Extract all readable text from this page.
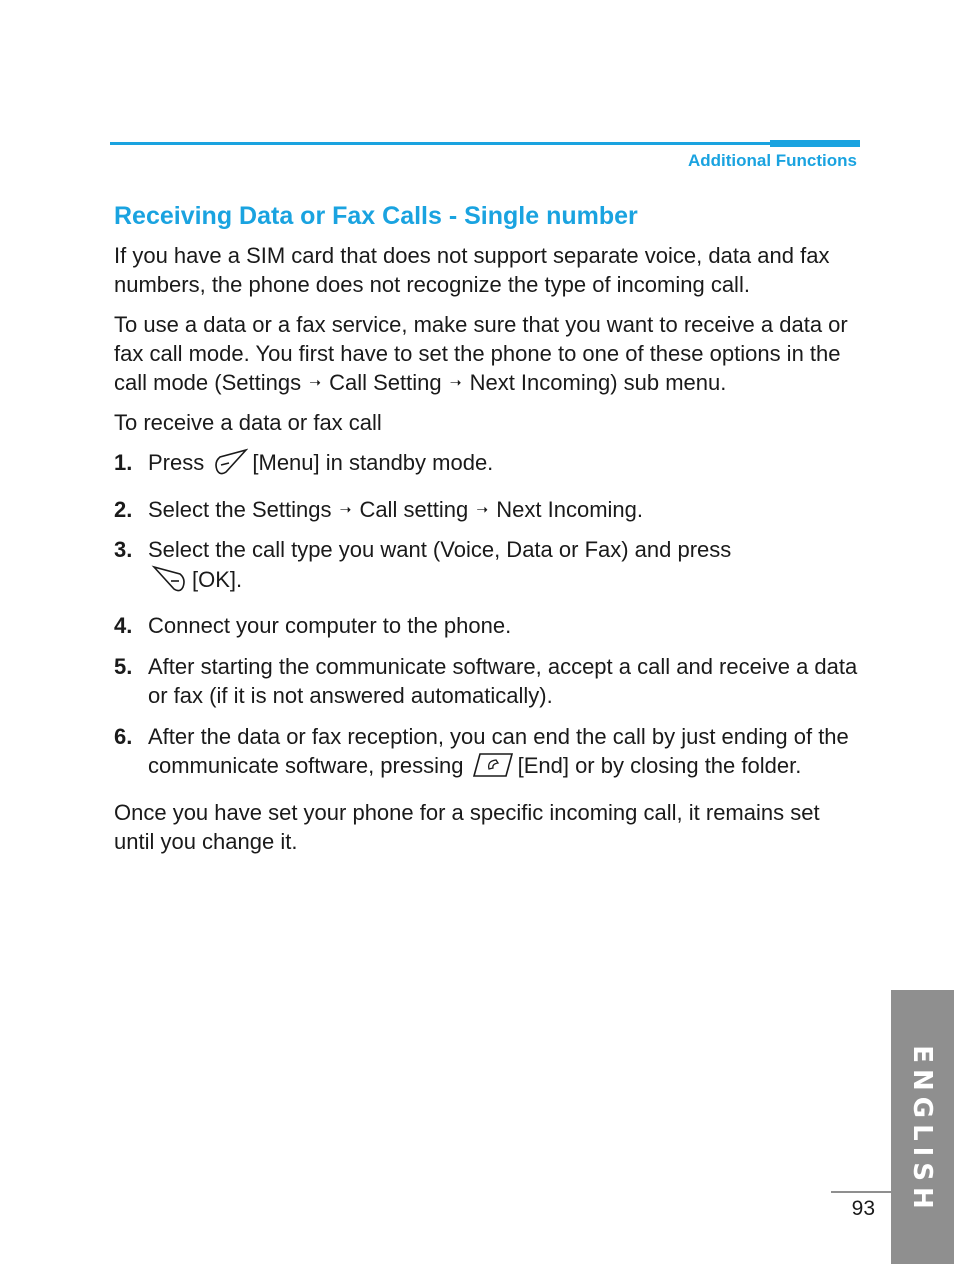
Additional Functions
Receiving Data or Fax Calls - Single number

If you have a SIM card that does not support separate voice, data and fax numbers, the phone does not recognize the type of incoming call.

To use a data or a fax service, make sure that you want to receive a data or fax call mode. You first have to set the phone to one of these options in the call mode (Settings ➝ Call Setting ➝ Next Incoming) sub menu.

To receive a data or fax call

1. Press [Menu] in standby mode.
2. Select the Settings ➝ Call setting ➝ Next Incoming.
3. Select the call type you want (Voice, Data or Fax) and press
[OK].
4. Connect your computer to the phone.
5. After starting the communicate software, accept a call and receive a data or fax (if it is not answered automatically).
6. After the data or fax reception, you can end the call by just ending of the communicate software, pressing [End] or by closing the folder.

Once you have set your phone for a specific incoming call, it remains set until you change it.

ENGLISH
93
